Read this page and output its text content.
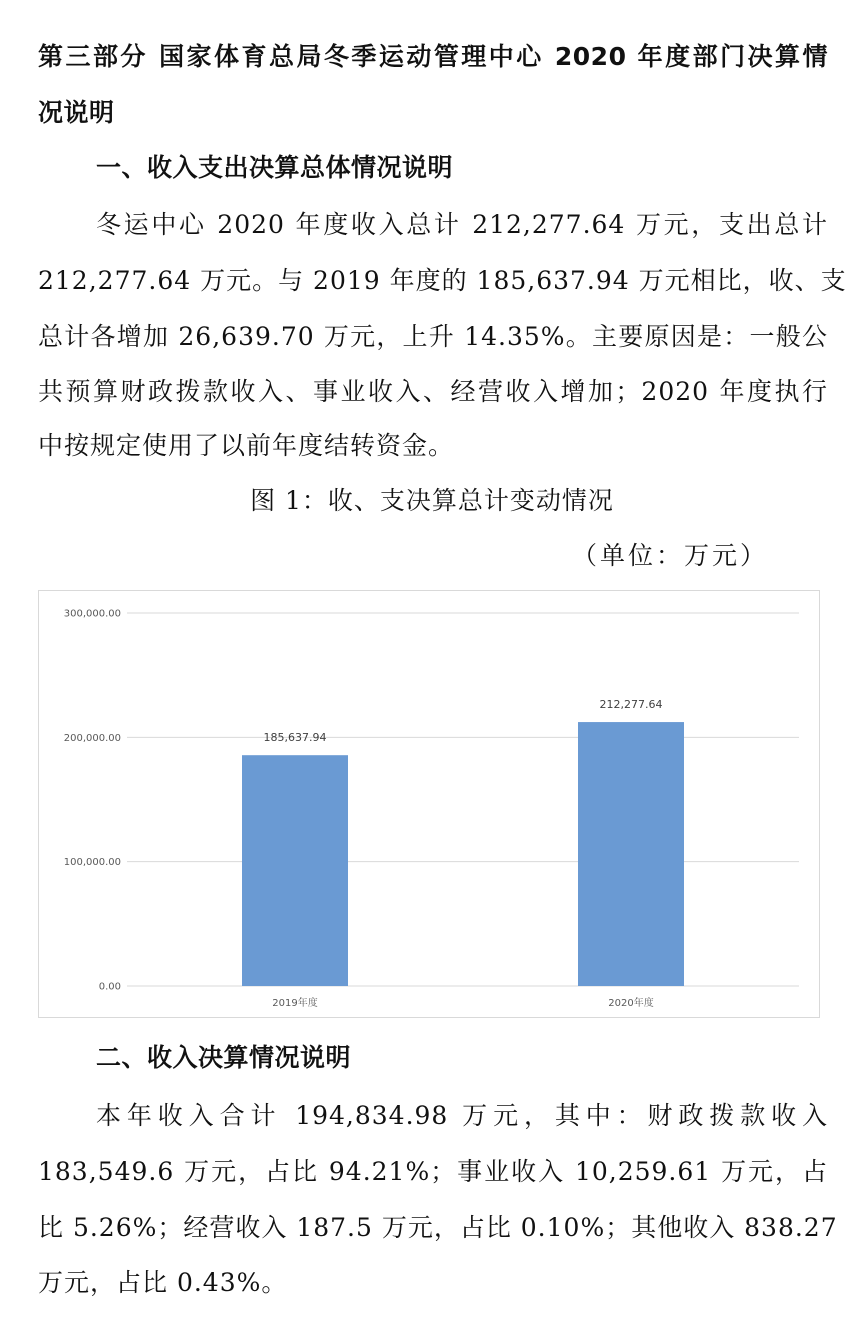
第三部分 国家体育总局冬季运动管理中心 2020 年度部门决算情
况说明
一、收入支出决算总体情况说明
冬运中心 2020 年度收入总计 212,277.64 万元，支出总计
212,277.64 万元。与 2019 年度的 185,637.94 万元相比，收、支
总计各增加 26,639.70 万元，上升 14.35%。主要原因是：一般公
共预算财政拨款收入、事业收入、经营收入增加；2020 年度执行
中按规定使用了以前年度结转资金。
图 1：收、支决算总计变动情况
（单位：万元）
0.00
100,000.00
200,000.00
300,000.00
185,637.94
212,277.64
2019年度	2020年度
二、收入决算情况说明
本年收入合计 194,834.98 万元，其中：财政拨款收入
183,549.6 万元，占比 94.21%；事业收入 10,259.61 万元，占
比 5.26%；经营收入 187.5 万元，占比 0.10%；其他收入 838.27
万元，占比 0.43%。
